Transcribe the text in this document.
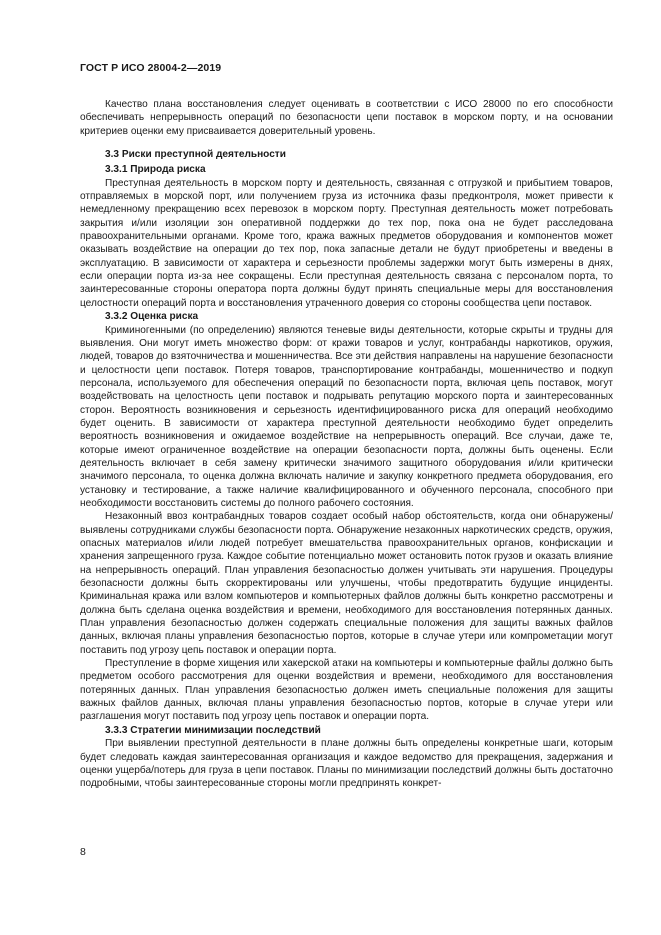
ГОСТ Р ИСО 28004-2—2019

Качество плана восстановления следует оценивать в соответствии с ИСО 28000 по его способности обеспечивать непрерывность операций по безопасности цепи поставок в морском порту, и на основании критериев оценки ему присваивается доверительный уровень.

3.3 Риски преступной деятельности

3.3.1 Природа риска

Преступная деятельность в морском порту и деятельность, связанная с отгрузкой и прибытием товаров, отправляемых в морской порт, или получением груза из источника фазы предконтроля, может привести к немедленному прекращению всех перевозок в морском порту. Преступная деятельность может потребовать закрытия и/или изоляции зон оперативной поддержки до тех пор, пока она не будет расследована правоохранительными органами. Кроме того, кража важных предметов оборудования и компонентов может оказывать воздействие на операции до тех пор, пока запасные детали не будут приобретены и введены в эксплуатацию. В зависимости от характера и серьезности проблемы задержки могут быть измерены в днях, если операции порта из-за нее сокращены. Если преступная деятельность связана с персоналом порта, то заинтересованные стороны оператора порта должны будут принять специальные меры для восстановления целостности операций порта и восстановления утраченного доверия со стороны сообщества цепи поставок.

3.3.2 Оценка риска

Криминогенными (по определению) являются теневые виды деятельности, которые скрыты и трудны для выявления. Они могут иметь множество форм: от кражи товаров и услуг, контрабанды наркотиков, оружия, людей, товаров до взяточничества и мошенничества. Все эти действия направлены на нарушение безопасности и целостности цепи поставок. Потеря товаров, транспортирование контрабанды, мошенничество и подкуп персонала, используемого для обеспечения операций по безопасности порта, включая цепь поставок, могут воздействовать на целостность цепи поставок и подрывать репутацию морского порта и заинтересованных сторон. Вероятность возникновения и серьезность идентифицированного риска для операций необходимо будет оценить. В зависимости от характера преступной деятельности необходимо будет определить вероятность возникновения и ожидаемое воздействие на непрерывность операций. Все случаи, даже те, которые имеют ограниченное воздействие на операции безопасности порта, должны быть оценены. Если деятельность включает в себя замену критически значимого защитного оборудования и/или критически значимого персонала, то оценка должна включать наличие и закупку конкретного предмета оборудования, его установку и тестирование, а также наличие квалифицированного и обученного персонала, способного при необходимости восстановить системы до полного рабочего состояния.

Незаконный ввоз контрабандных товаров создает особый набор обстоятельств, когда они обнаружены/выявлены сотрудниками службы безопасности порта. Обнаружение незаконных наркотических средств, оружия, опасных материалов и/или людей потребует вмешательства правоохранительных органов, конфискации и хранения запрещенного груза. Каждое событие потенциально может остановить поток грузов и оказать влияние на непрерывность операций. План управления безопасностью должен учитывать эти нарушения. Процедуры безопасности должны быть скорректированы или улучшены, чтобы предотвратить будущие инциденты. Криминальная кража или взлом компьютеров и компьютерных файлов должны быть конкретно рассмотрены и должна быть сделана оценка воздействия и времени, необходимого для восстановления потерянных данных. План управления безопасностью должен содержать специальные положения для защиты важных файлов данных, включая планы управления безопасностью портов, которые в случае утери или компрометации могут поставить под угрозу цепь поставок и операции порта.

Преступление в форме хищения или хакерской атаки на компьютеры и компьютерные файлы должно быть предметом особого рассмотрения для оценки воздействия и времени, необходимого для восстановления потерянных данных. План управления безопасностью должен иметь специальные положения для защиты важных файлов данных, включая планы управления безопасностью портов, которые в случае утери или разглашения могут поставить под угрозу цепь поставок и операции порта.

3.3.3 Стратегии минимизации последствий

При выявлении преступной деятельности в плане должны быть определены конкретные шаги, которым будет следовать каждая заинтересованная организация и каждое ведомство для прекращения, задержания и оценки ущерба/потерь для груза в цепи поставок. Планы по минимизации последствий должны быть достаточно подробными, чтобы заинтересованные стороны могли предпринять конкрет-

8
